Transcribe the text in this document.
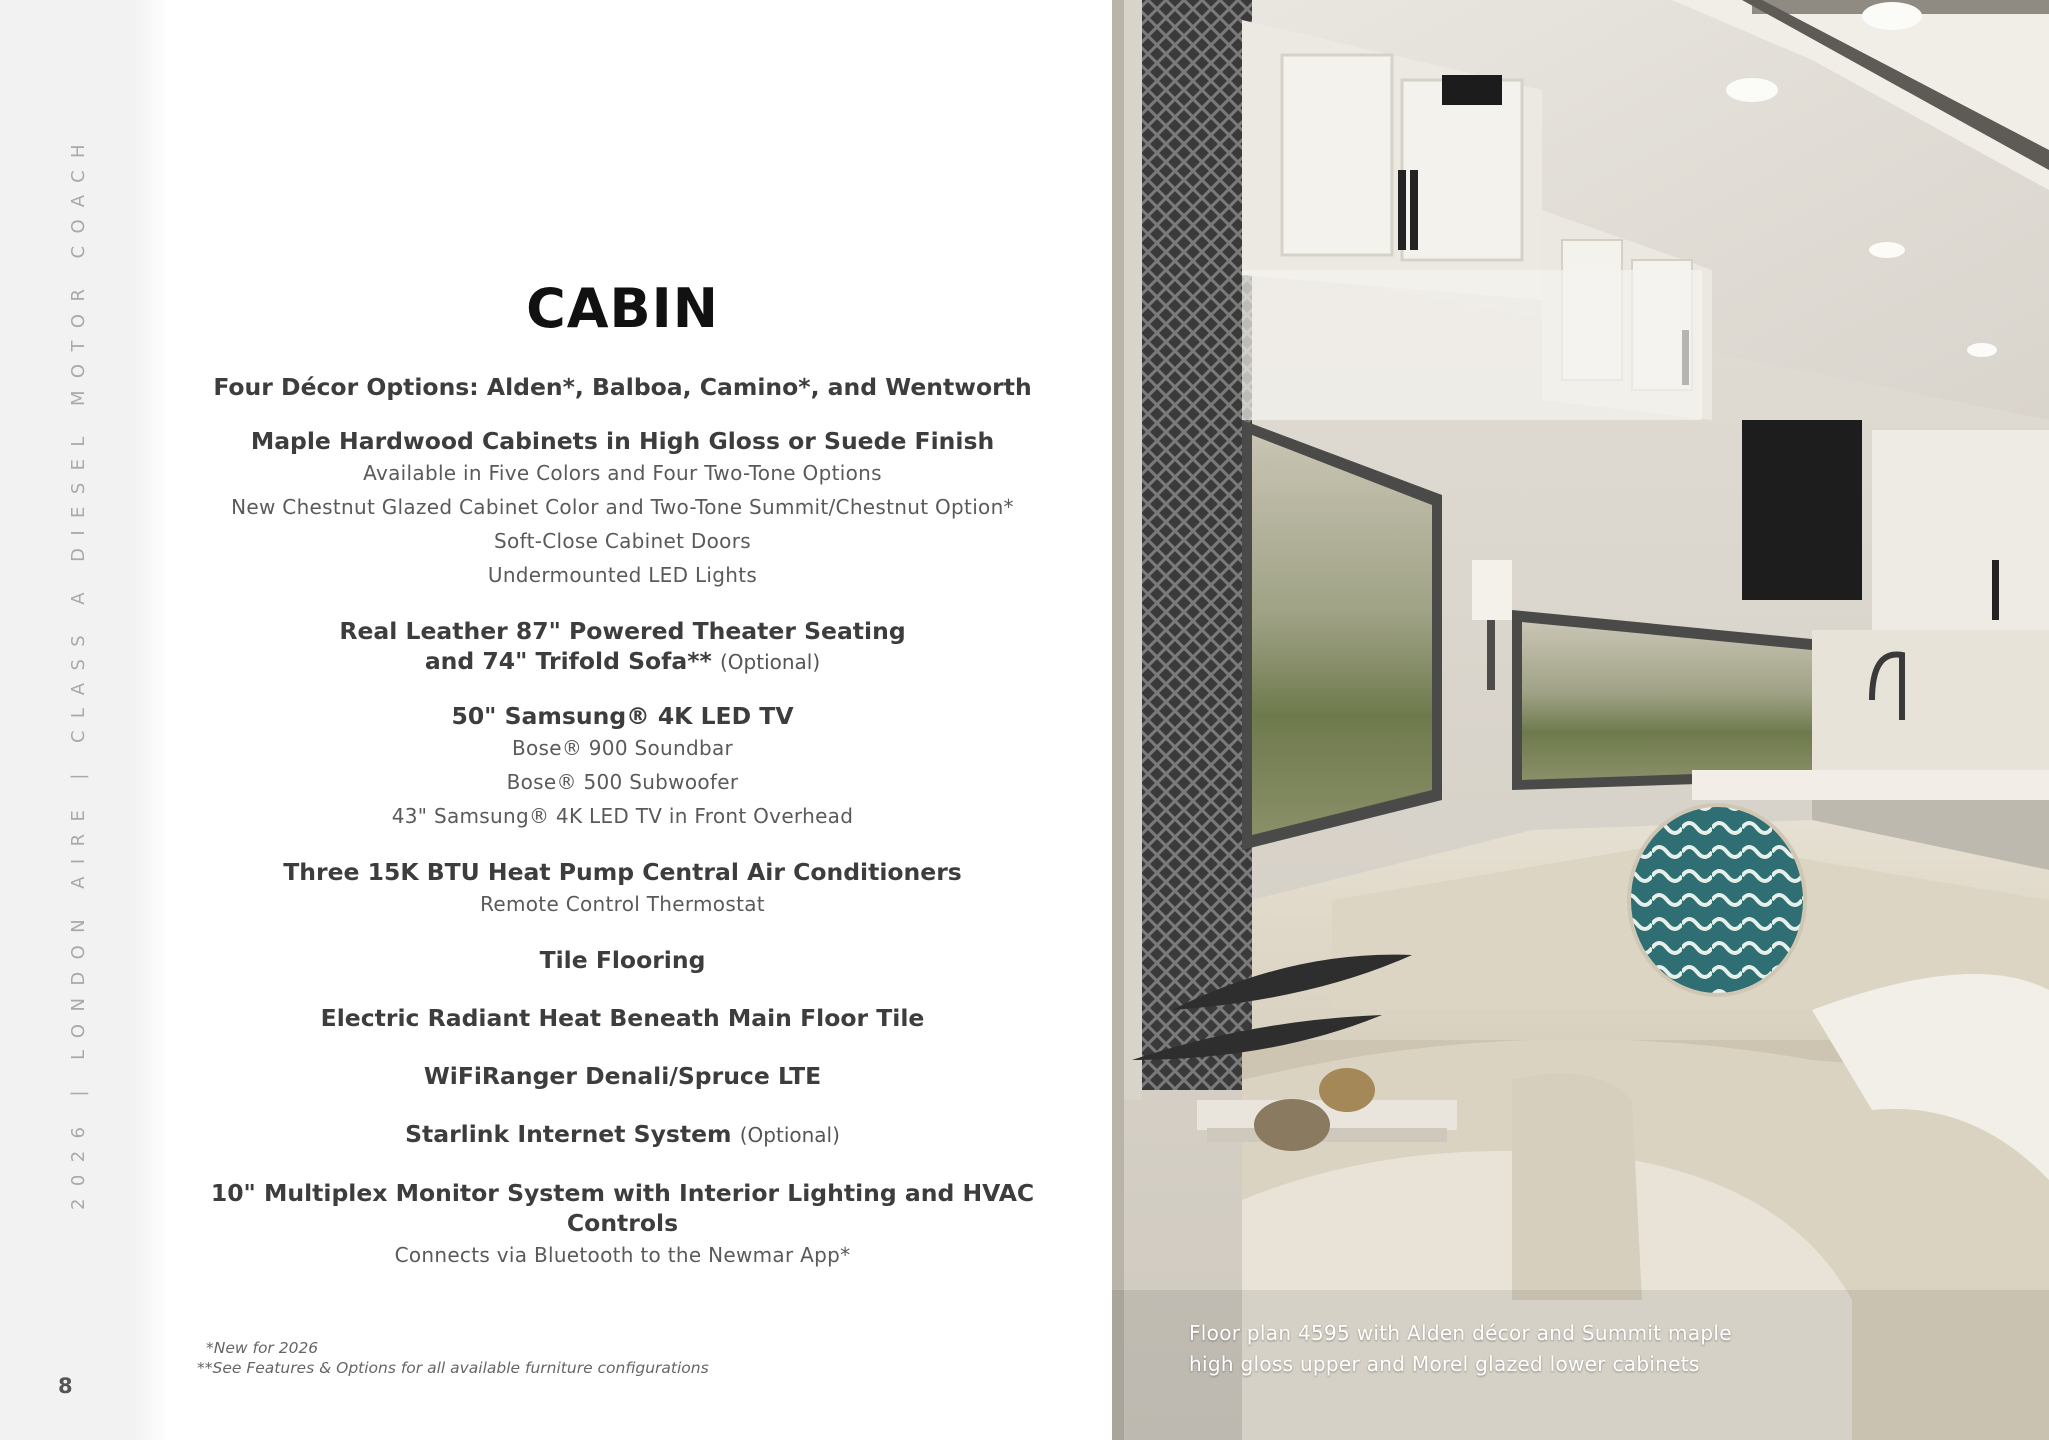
2026 | LONDON AIRE | CLASS A DIESEL MOTOR COACH
8
CABIN
Four Décor Options: Alden*, Balboa, Camino*, and Wentworth
Maple Hardwood Cabinets in High Gloss or Suede Finish
Available in Five Colors and Four Two-Tone Options
New Chestnut Glazed Cabinet Color and Two-Tone Summit/Chestnut Option*
Soft-Close Cabinet Doors
Undermounted LED Lights
Real Leather 87" Powered Theater Seating
and 74" Trifold Sofa** (Optional)
50" Samsung® 4K LED TV
Bose® 900 Soundbar
Bose® 500 Subwoofer
43" Samsung® 4K LED TV in Front Overhead
Three 15K BTU Heat Pump Central Air Conditioners
Remote Control Thermostat
Tile Flooring
Electric Radiant Heat Beneath Main Floor Tile
WiFiRanger Denali/Spruce LTE
Starlink Internet System (Optional)
10" Multiplex Monitor System with Interior Lighting and HVAC Controls
Connects via Bluetooth to the Newmar App*
*New for 2026
**See Features & Options for all available furniture configurations
Floor plan 4595 with Alden décor and Summit maple
high gloss upper and Morel glazed lower cabinets
